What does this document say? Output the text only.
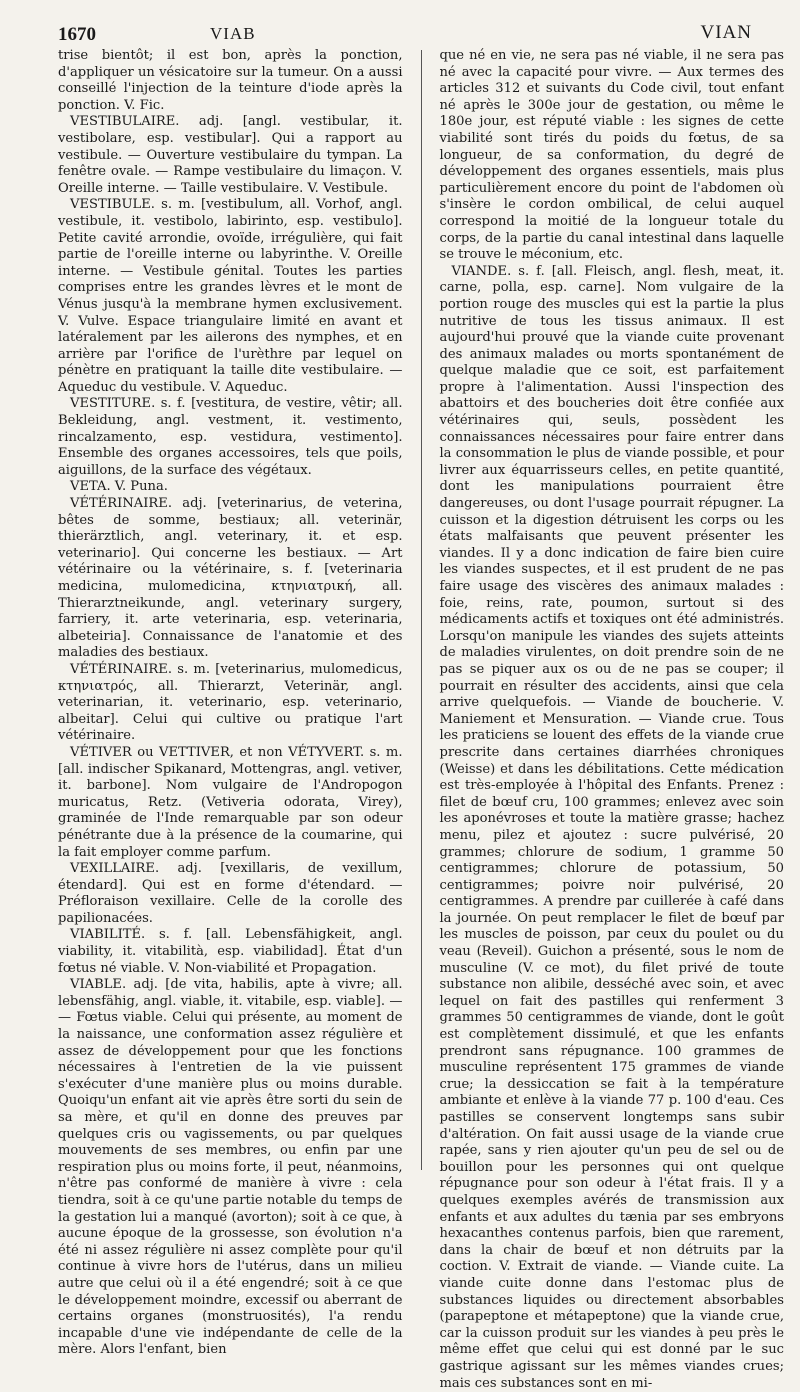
1670	VIAB	VIAN

trise bientôt; il est bon, après la ponction, d'appliquer un vésicatoire sur la tumeur. On a aussi conseillé l'injection de la teinture d'iode après la ponction. V. Fic.

VESTIBULAIRE. adj. [angl. vestibular, it. vestibolare, esp. vestibular]. Qui a rapport au vestibule. — Ouverture vestibulaire du tympan. La fenêtre ovale. — Rampe vestibulaire du limaçon. V. Oreille interne. — Taille vestibulaire. V. Vestibule.

VESTIBULE. s. m. [vestibulum, all. Vorhof, angl. vestibule, it. vestibolo, labirinto, esp. vestibulo]. Petite cavité arrondie, ovoïde, irrégulière, qui fait partie de l'oreille interne ou labyrinthe. V. Oreille interne. — Vestibule génital. Toutes les parties comprises entre les grandes lèvres et le mont de Vénus jusqu'à la membrane hymen exclusivement. V. Vulve. Espace triangulaire limité en avant et latéralement par les ailerons des nymphes, et en arrière par l'orifice de l'urèthre par lequel on pénètre en pratiquant la taille dite vestibulaire. — Aqueduc du vestibule. V. Aqueduc.

VESTITURE. s. f. [vestitura, de vestire, vêtir; all. Bekleidung, angl. vestment, it. vestimento, rincalzamento, esp. vestidura, vestimento]. Ensemble des organes accessoires, tels que poils, aiguillons, de la surface des végétaux.

VETA. V. Puna.

VÉTÉRINAIRE. adj. [veterinarius, de veterina, bêtes de somme, bestiaux; all. veterinär, thierärztlich, angl. veterinary, it. et esp. veterinario]. Qui concerne les bestiaux. — Art vétérinaire ou la vétérinaire, s. f. [veterinaria medicina, mulomedicina, κτηνιατρική, all. Thierarztneikunde, angl. veterinary surgery, farriery, it. arte veterinaria, esp. veterinaria, albeteiria]. Connaissance de l'anatomie et des maladies des bestiaux.

VÉTÉRINAIRE. s. m. [veterinarius, mulomedicus, κτηνιατρός, all. Thierarzt, Veterinär, angl. veterinarian, it. veterinario, esp. veterinario, albeitar]. Celui qui cultive ou pratique l'art vétérinaire.

VÉTIVER ou VETTIVER, et non VÉTYVERT. s. m. [all. indischer Spikanard, Mottengras, angl. vetiver, it. barbone]. Nom vulgaire de l'Andropogon muricatus, Retz. (Vetiveria odorata, Virey), graminée de l'Inde remarquable par son odeur pénétrante due à la présence de la coumarine, qui la fait employer comme parfum.

VEXILLAIRE. adj. [vexillaris, de vexillum, étendard]. Qui est en forme d'étendard. — Préfloraison vexillaire. Celle de la corolle des papilionacées.

VIABILITÉ. s. f. [all. Lebensfähigkeit, angl. viability, it. vitabilità, esp. viabilidad]. État d'un fœtus né viable. V. Non-viabilité et Propagation.

VIABLE. adj. [de vita, habilis, apte à vivre; all. lebensfähig, angl. viable, it. vitabile, esp. viable]. — — Fœtus viable. Celui qui présente, au moment de la naissance, une conformation assez régulière et assez de développement pour que les fonctions nécessaires à l'entretien de la vie puissent s'exécuter d'une manière plus ou moins durable. Quoiqu'un enfant ait vie après être sorti du sein de sa mère, et qu'il en donne des preuves par quelques cris ou vagissements, ou par quelques mouvements de ses membres, ou enfin par une respiration plus ou moins forte, il peut, néanmoins, n'être pas conformé de manière à vivre : cela tiendra, soit à ce qu'une partie notable du temps de la gestation lui a manqué (avorton); soit à ce que, à aucune époque de la grossesse, son évolution n'a été ni assez régulière ni assez complète pour qu'il continue à vivre hors de l'utérus, dans un milieu autre que celui où il a été engendré; soit à ce que le développement moindre, excessif ou aberrant de certains organes (monstruosités), l'a rendu incapable d'une vie indépendante de celle de la mère. Alors l'enfant, bien

que né en vie, ne sera pas né viable, il ne sera pas né avec la capacité pour vivre. — Aux termes des articles 312 et suivants du Code civil, tout enfant né après le 300e jour de gestation, ou même le 180e jour, est réputé viable : les signes de cette viabilité sont tirés du poids du fœtus, de sa longueur, de sa conformation, du degré de développement des organes essentiels, mais plus particulièrement encore du point de l'abdomen où s'insère le cordon ombilical, de celui auquel correspond la moitié de la longueur totale du corps, de la partie du canal intestinal dans laquelle se trouve le méconium, etc.

VIANDE. s. f. [all. Fleisch, angl. flesh, meat, it. carne, polla, esp. carne]. Nom vulgaire de la portion rouge des muscles qui est la partie la plus nutritive de tous les tissus animaux. Il est aujourd'hui prouvé que la viande cuite provenant des animaux malades ou morts spontanément de quelque maladie que ce soit, est parfaitement propre à l'alimentation. Aussi l'inspection des abattoirs et des boucheries doit être confiée aux vétérinaires qui, seuls, possèdent les connaissances nécessaires pour faire entrer dans la consommation le plus de viande possible, et pour livrer aux équarrisseurs celles, en petite quantité, dont les manipulations pourraient être dangereuses, ou dont l'usage pourrait répugner. La cuisson et la digestion détruisent les corps ou les états malfaisants que peuvent présenter les viandes. Il y a donc indication de faire bien cuire les viandes suspectes, et il est prudent de ne pas faire usage des viscères des animaux malades : foie, reins, rate, poumon, surtout si des médicaments actifs et toxiques ont été administrés. Lorsqu'on manipule les viandes des sujets atteints de maladies virulentes, on doit prendre soin de ne pas se piquer aux os ou de ne pas se couper; il pourrait en résulter des accidents, ainsi que cela arrive quelquefois. — Viande de boucherie. V. Maniement et Mensuration. — Viande crue. Tous les praticiens se louent des effets de la viande crue prescrite dans certaines diarrhées chroniques (Weisse) et dans les débilitations. Cette médication est très-employée à l'hôpital des Enfants. Prenez : filet de bœuf cru, 100 grammes; enlevez avec soin les aponévroses et toute la matière grasse; hachez menu, pilez et ajoutez : sucre pulvérisé, 20 grammes; chlorure de sodium, 1 gramme 50 centigrammes; chlorure de potassium, 50 centigrammes; poivre noir pulvérisé, 20 centigrammes. A prendre par cuillerée à café dans la journée. On peut remplacer le filet de bœuf par les muscles de poisson, par ceux du poulet ou du veau (Reveil). Guichon a présenté, sous le nom de musculine (V. ce mot), du filet privé de toute substance non alibile, desséché avec soin, et avec lequel on fait des pastilles qui renferment 3 grammes 50 centigrammes de viande, dont le goût est complètement dissimulé, et que les enfants prendront sans répugnance. 100 grammes de musculine représentent 175 grammes de viande crue; la dessiccation se fait à la température ambiante et enlève à la viande 77 p. 100 d'eau. Ces pastilles se conservent longtemps sans subir d'altération. On fait aussi usage de la viande crue rapée, sans y rien ajouter qu'un peu de sel ou de bouillon pour les personnes qui ont quelque répugnance pour son odeur à l'état frais. Il y a quelques exemples avérés de transmission aux enfants et aux adultes du tænia par ses embryons hexacanthes contenus parfois, bien que rarement, dans la chair de bœuf et non détruits par la coction. V. Extrait de viande. — Viande cuite. La viande cuite donne dans l'estomac plus de substances liquides ou directement absorbables (parapeptone et métapeptone) que la viande crue, car la cuisson produit sur les viandes à peu près le même effet que celui qui est donné par le suc gastrique agissant sur les mêmes viandes crues; mais ces substances sont en mi-
